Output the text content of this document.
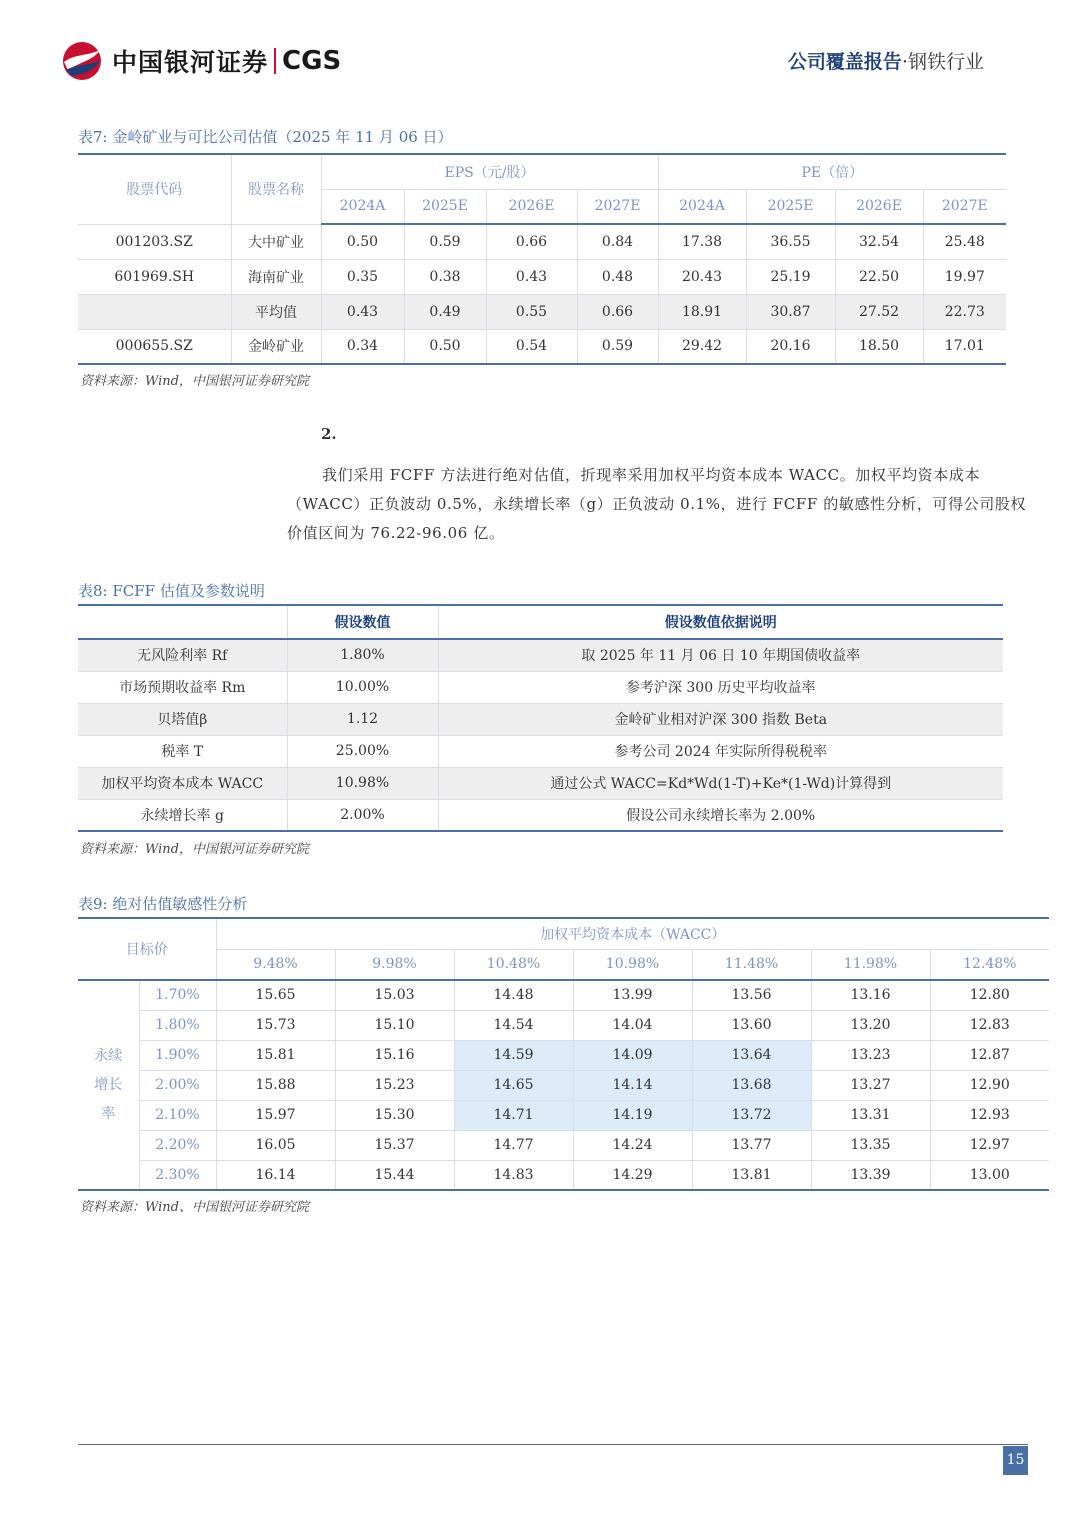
中国银河证券 CGS	公司覆盖报告·钢铁行业
表7: 金岭矿业与可比公司估值（2025 年 11 月 06 日）
股票代码	股票名称	EPS（元/股）				PE（倍）			
		2024A	2025E	2026E	2027E	2024A	2025E	2026E	2027E
001203.SZ	大中矿业	0.50	0.59	0.66	0.84	17.38	36.55	32.54	25.48
601969.SH	海南矿业	0.35	0.38	0.43	0.48	20.43	25.19	22.50	19.97
	平均值	0.43	0.49	0.55	0.66	18.91	30.87	27.52	22.73
000655.SZ	金岭矿业	0.34	0.50	0.54	0.59	29.42	20.16	18.50	17.01
资料来源：Wind，中国银河证券研究院
2.
我们采用 FCFF 方法进行绝对估值，折现率采用加权平均资本成本 WACC。加权平均资本成本（WACC）正负波动 0.5%，永续增长率（g）正负波动 0.1%，进行 FCFF 的敏感性分析，可得公司股权价值区间为 76.22-96.06 亿。
表8: FCFF 估值及参数说明
	假设数值	假设数值依据说明
无风险利率 Rf	1.80%	取 2025 年 11 月 06 日 10 年期国债收益率
市场预期收益率 Rm	10.00%	参考沪深 300 历史平均收益率
贝塔值β	1.12	金岭矿业相对沪深 300 指数 Beta
税率 T	25.00%	参考公司 2024 年实际所得税税率
加权平均资本成本 WACC	10.98%	通过公式 WACC=Kd*Wd(1-T)+Ke*(1-Wd)计算得到
永续增长率 g	2.00%	假设公司永续增长率为 2.00%
资料来源：Wind，中国银河证券研究院
表9: 绝对估值敏感性分析
目标价		加权平均资本成本（WACC）						
		9.48%	9.98%	10.48%	10.98%	11.48%	11.98%	12.48%

永续
增长
率	1.70%	15.65	15.03	14.48	13.99	13.56	13.16	12.80
	1.80%	15.73	15.10	14.54	14.04	13.60	13.20	12.83
	1.90%	15.81	15.16	14.59	14.09	13.64	13.23	12.87
	2.00%	15.88	15.23	14.65	14.14	13.68	13.27	12.90
	2.10%	15.97	15.30	14.71	14.19	13.72	13.31	12.93
	2.20%	16.05	15.37	14.77	14.24	13.77	13.35	12.97
	2.30%	16.14	15.44	14.83	14.29	13.81	13.39	13.00
资料来源：Wind、中国银河证券研究院
15
